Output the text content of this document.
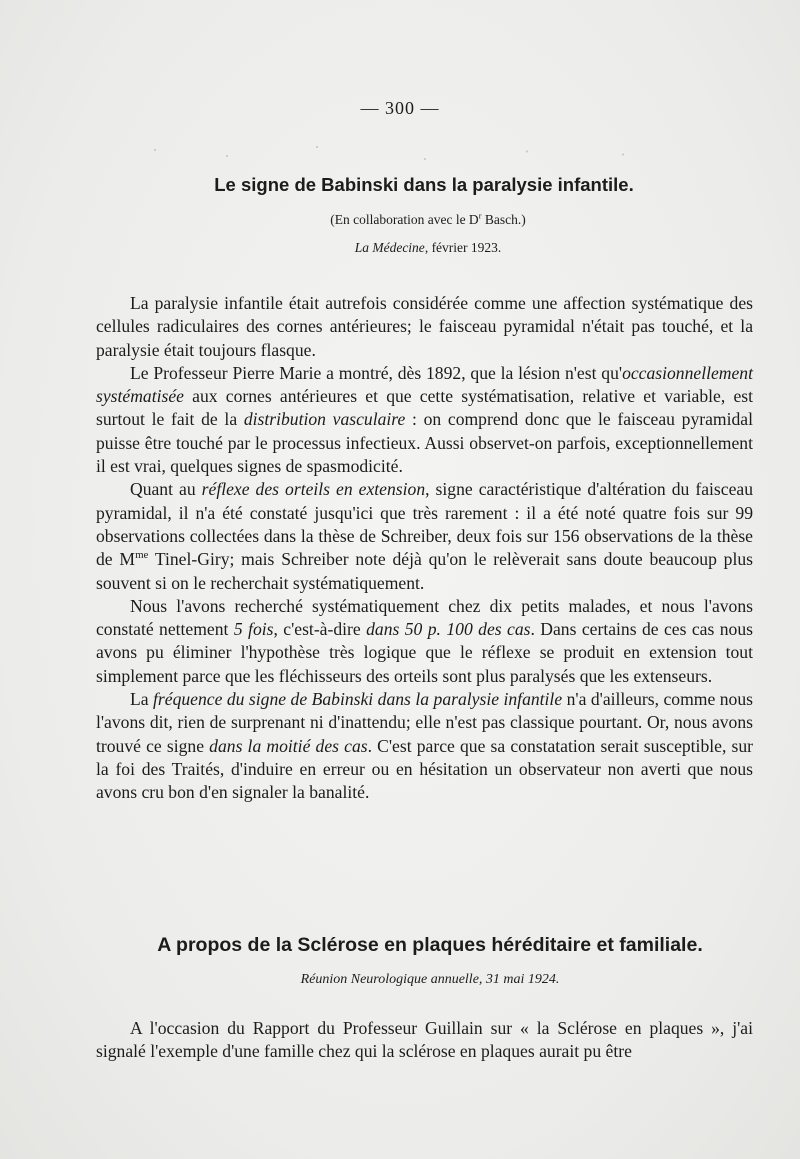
— 300 —
Le signe de Babinski dans la paralysie infantile.
(En collaboration avec le $D^r$ Basch.)
La Médecine, février 1923.

La paralysie infantile était autrefois considérée comme une affection systématique des cellules radiculaires des cornes antérieures; le faisceau pyramidal n'était pas touché, et la paralysie était toujours flasque.

Le Professeur Pierre Marie a montré, dès 1892, que la lésion n'est qu'occasionnellement systématisée aux cornes antérieures et que cette systématisation, relative et variable, est surtout le fait de la distribution vasculaire : on comprend donc que le faisceau pyramidal puisse être touché par le processus infectieux. Aussi observet-on parfois, exceptionnellement il est vrai, quelques signes de spasmodicité.

Quant au réflexe des orteils en extension, signe caractéristique d'altération du faisceau pyramidal, il n'a été constaté jusqu'ici que très rarement : il a été noté quatre fois sur 99 observations collectées dans la thèse de Schreiber, deux fois sur 156 observations de la thèse de $M^{me}$ Tinel-Giry; mais Schreiber note déjà qu'on le relèverait sans doute beaucoup plus souvent si on le recherchait systématiquement.

Nous l'avons recherché systématiquement chez dix petits malades, et nous l'avons constaté nettement 5 fois, c'est-à-dire dans 50 p. 100 des cas. Dans certains de ces cas nous avons pu éliminer l'hypothèse très logique que le réflexe se produit en extension tout simplement parce que les fléchisseurs des orteils sont plus paralysés que les extenseurs.

La fréquence du signe de Babinski dans la paralysie infantile n'a d'ailleurs, comme nous l'avons dit, rien de surprenant ni d'inattendu; elle n'est pas classique pourtant. Or, nous avons trouvé ce signe dans la moitié des cas. C'est parce que sa constatation serait susceptible, sur la foi des Traités, d'induire en erreur ou en hésitation un observateur non averti que nous avons cru bon d'en signaler la banalité.

A propos de la Sclérose en plaques héréditaire et familiale.
Réunion Neurologique annuelle, 31 mai 1924.

A l'occasion du Rapport du Professeur Guillain sur « la Sclérose en plaques », j'ai signalé l'exemple d'une famille chez qui la sclérose en plaques aurait pu être
